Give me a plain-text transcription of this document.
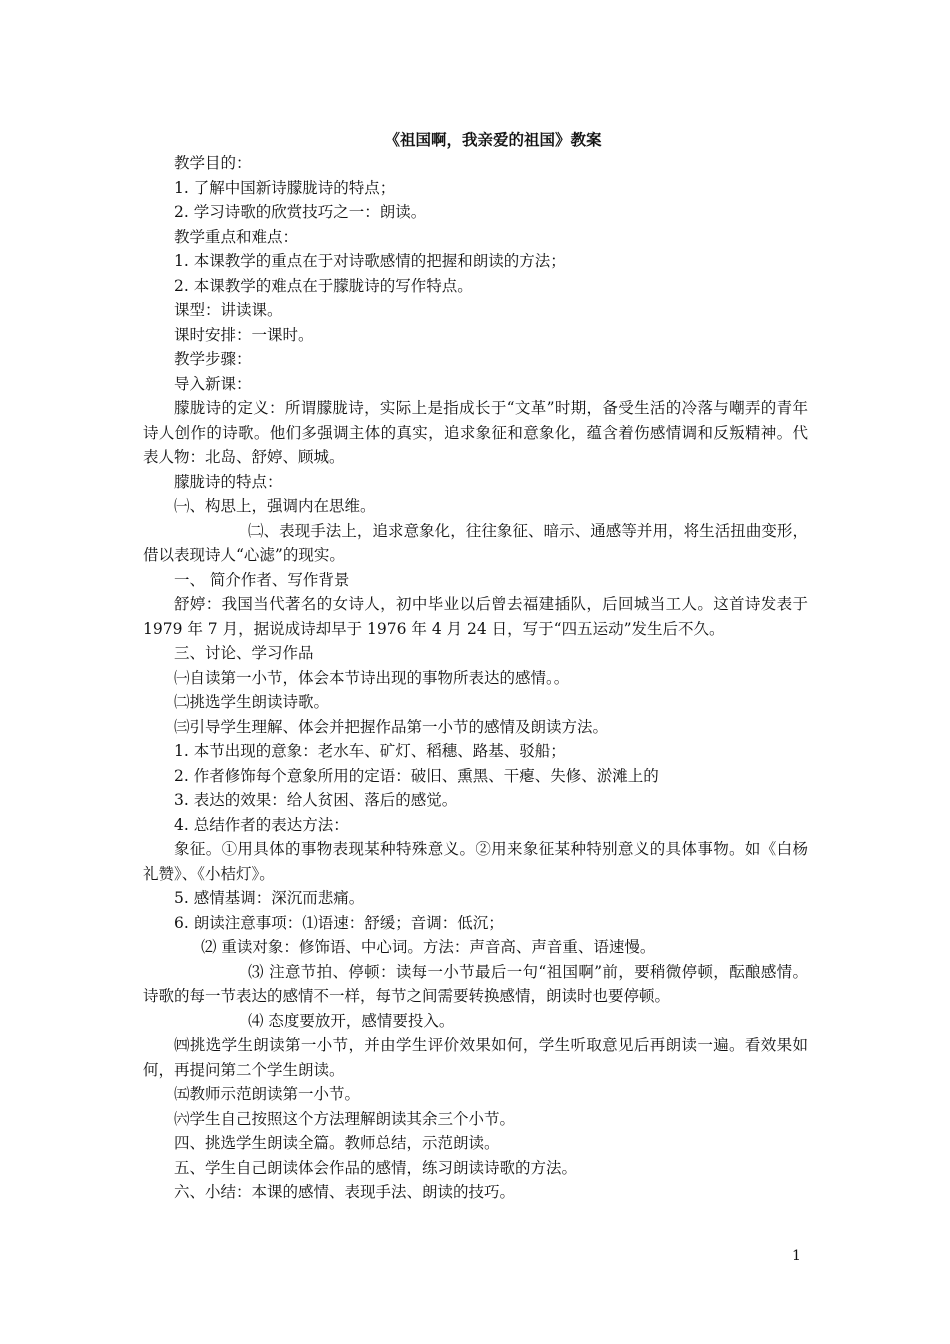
《祖国啊，我亲爱的祖国》教案

教学目的：

1. 了解中国新诗朦胧诗的特点；

2. 学习诗歌的欣赏技巧之一：朗读。

教学重点和难点：

1. 本课教学的重点在于对诗歌感情的把握和朗读的方法；

2. 本课教学的难点在于朦胧诗的写作特点。

课型：讲读课。

课时安排：一课时。

教学步骤：

导入新课：

朦胧诗的定义：所谓朦胧诗，实际上是指成长于“文革”时期，备受生活的冷落与嘲弄的青年诗人创作的诗歌。他们多强调主体的真实，追求象征和意象化，蕴含着伤感情调和反叛精神。代表人物：北岛、舒婷、顾城。

朦胧诗的特点：

㈠、构思上，强调内在思维。

㈡、表现手法上，追求意象化，往往象征、暗示、通感等并用，将生活扭曲变形，借以表现诗人“心滤”的现实。

一、 简介作者、写作背景

舒婷：我国当代著名的女诗人，初中毕业以后曾去福建插队，后回城当工人。这首诗发表于 1979 年 7 月，据说成诗却早于 1976 年 4 月 24 日，写于“四五运动”发生后不久。

三、讨论、学习作品

㈠自读第一小节，体会本节诗出现的事物所表达的感情。。

㈡挑选学生朗读诗歌。

㈢引导学生理解、体会并把握作品第一小节的感情及朗读方法。

1. 本节出现的意象：老水车、矿灯、稻穗、路基、驳船；

2. 作者修饰每个意象所用的定语：破旧、熏黑、干瘪、失修、淤滩上的

3. 表达的效果：给人贫困、落后的感觉。

4. 总结作者的表达方法：

象征。①用具体的事物表现某种特殊意义。②用来象征某种特别意义的具体事物。如《白杨礼赞》、《小桔灯》。

5. 感情基调：深沉而悲痛。

6. 朗读注意事项：⑴语速：舒缓；音调：低沉；

⑵ 重读对象：修饰语、中心词。方法：声音高、声音重、语速慢。

⑶ 注意节拍、停顿：读每一小节最后一句“祖国啊”前，要稍微停顿，酝酿感情。诗歌的每一节表达的感情不一样，每节之间需要转换感情，朗读时也要停顿。

⑷ 态度要放开，感情要投入。

㈣挑选学生朗读第一小节，并由学生评价效果如何，学生听取意见后再朗读一遍。看效果如何，再提问第二个学生朗读。

㈤教师示范朗读第一小节。

㈥学生自己按照这个方法理解朗读其余三个小节。

四、挑选学生朗读全篇。教师总结，示范朗读。

五、学生自己朗读体会作品的感情，练习朗读诗歌的方法。

六、小结：本课的感情、表现手法、朗读的技巧。

1
